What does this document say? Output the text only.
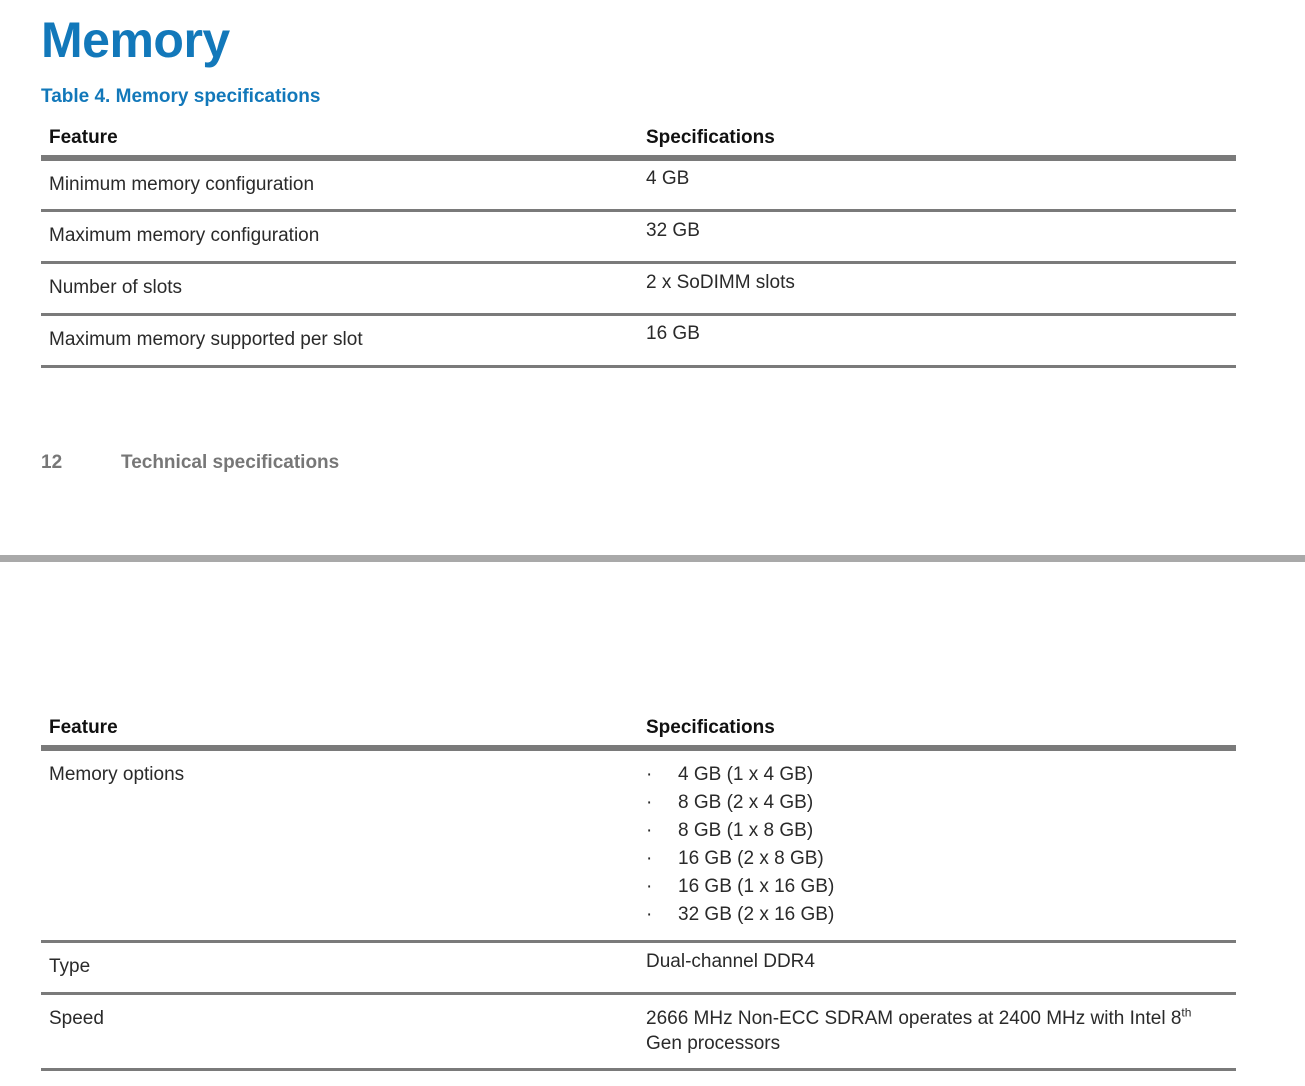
Memory
Table 4. Memory specifications
Feature	Specifications
Minimum memory configuration	4 GB
Maximum memory configuration	32 GB
Number of slots	2 x SoDIMM slots
Maximum memory supported per slot	16 GB
12	Technical specifications
Feature	Specifications
Memory options	· 4 GB (1 x 4 GB)
· 8 GB (2 x 4 GB)
· 8 GB (1 x 8 GB)
· 16 GB (2 x 8 GB)
· 16 GB (1 x 16 GB)
· 32 GB (2 x 16 GB)
Type	Dual-channel DDR4
Speed	2666 MHz Non-ECC SDRAM operates at 2400 MHz with Intel 8th
Gen processors
